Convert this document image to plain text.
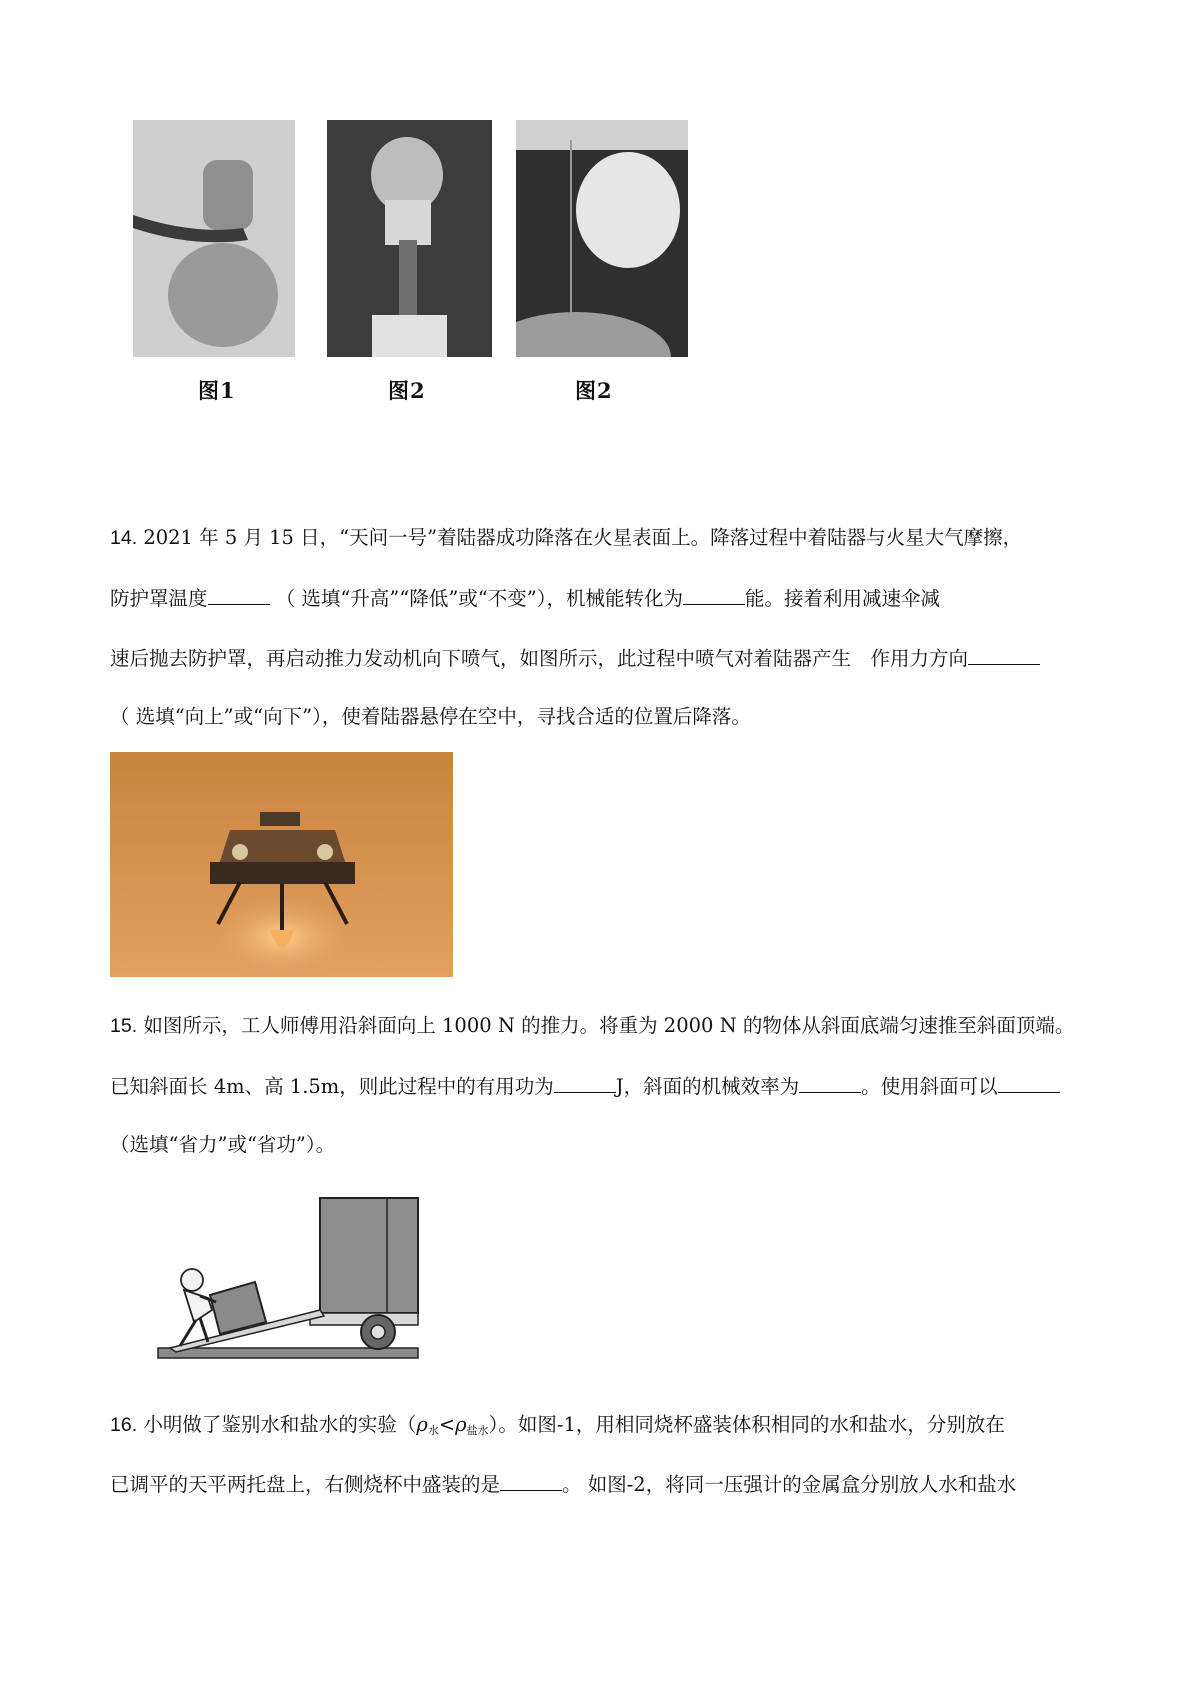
图1	图2	图2
14. 2021 年 5 月 15 日，“天问一号”着陆器成功降落在火星表面上。降落过程中着陆器与火星大气摩擦，
防护罩温度	（ 选填“升高”“降低”或“不变”），机械能转化为	能。接着利用减速伞减
速后抛去防护罩，再启动推力发动机向下喷气，如图所示，此过程中喷气对着陆器产生　作用力方向
（ 选填“向上”或“向下”），使着陆器悬停在空中，寻找合适的位置后降落。
15. 如图所示，工人师傅用沿斜面向上 1000 N 的推力。将重为 2000 N 的物体从斜面底端匀速推至斜面顶端。
已知斜面长 4m、高 1.5m，则此过程中的有用功为	J，斜面的机械效率为	。使用斜面可以
（选填“省力”或“省功”）。
16. 小明做了鉴别水和盐水的实验$(\rho_水<\rho_{盐水})$。如图-1，用相同烧杯盛装体积相同的水和盐水，分别放在
已调平的天平两托盘上，右侧烧杯中盛装的是	。 如图-2，将同一压强计的金属盒分别放人水和盐水
